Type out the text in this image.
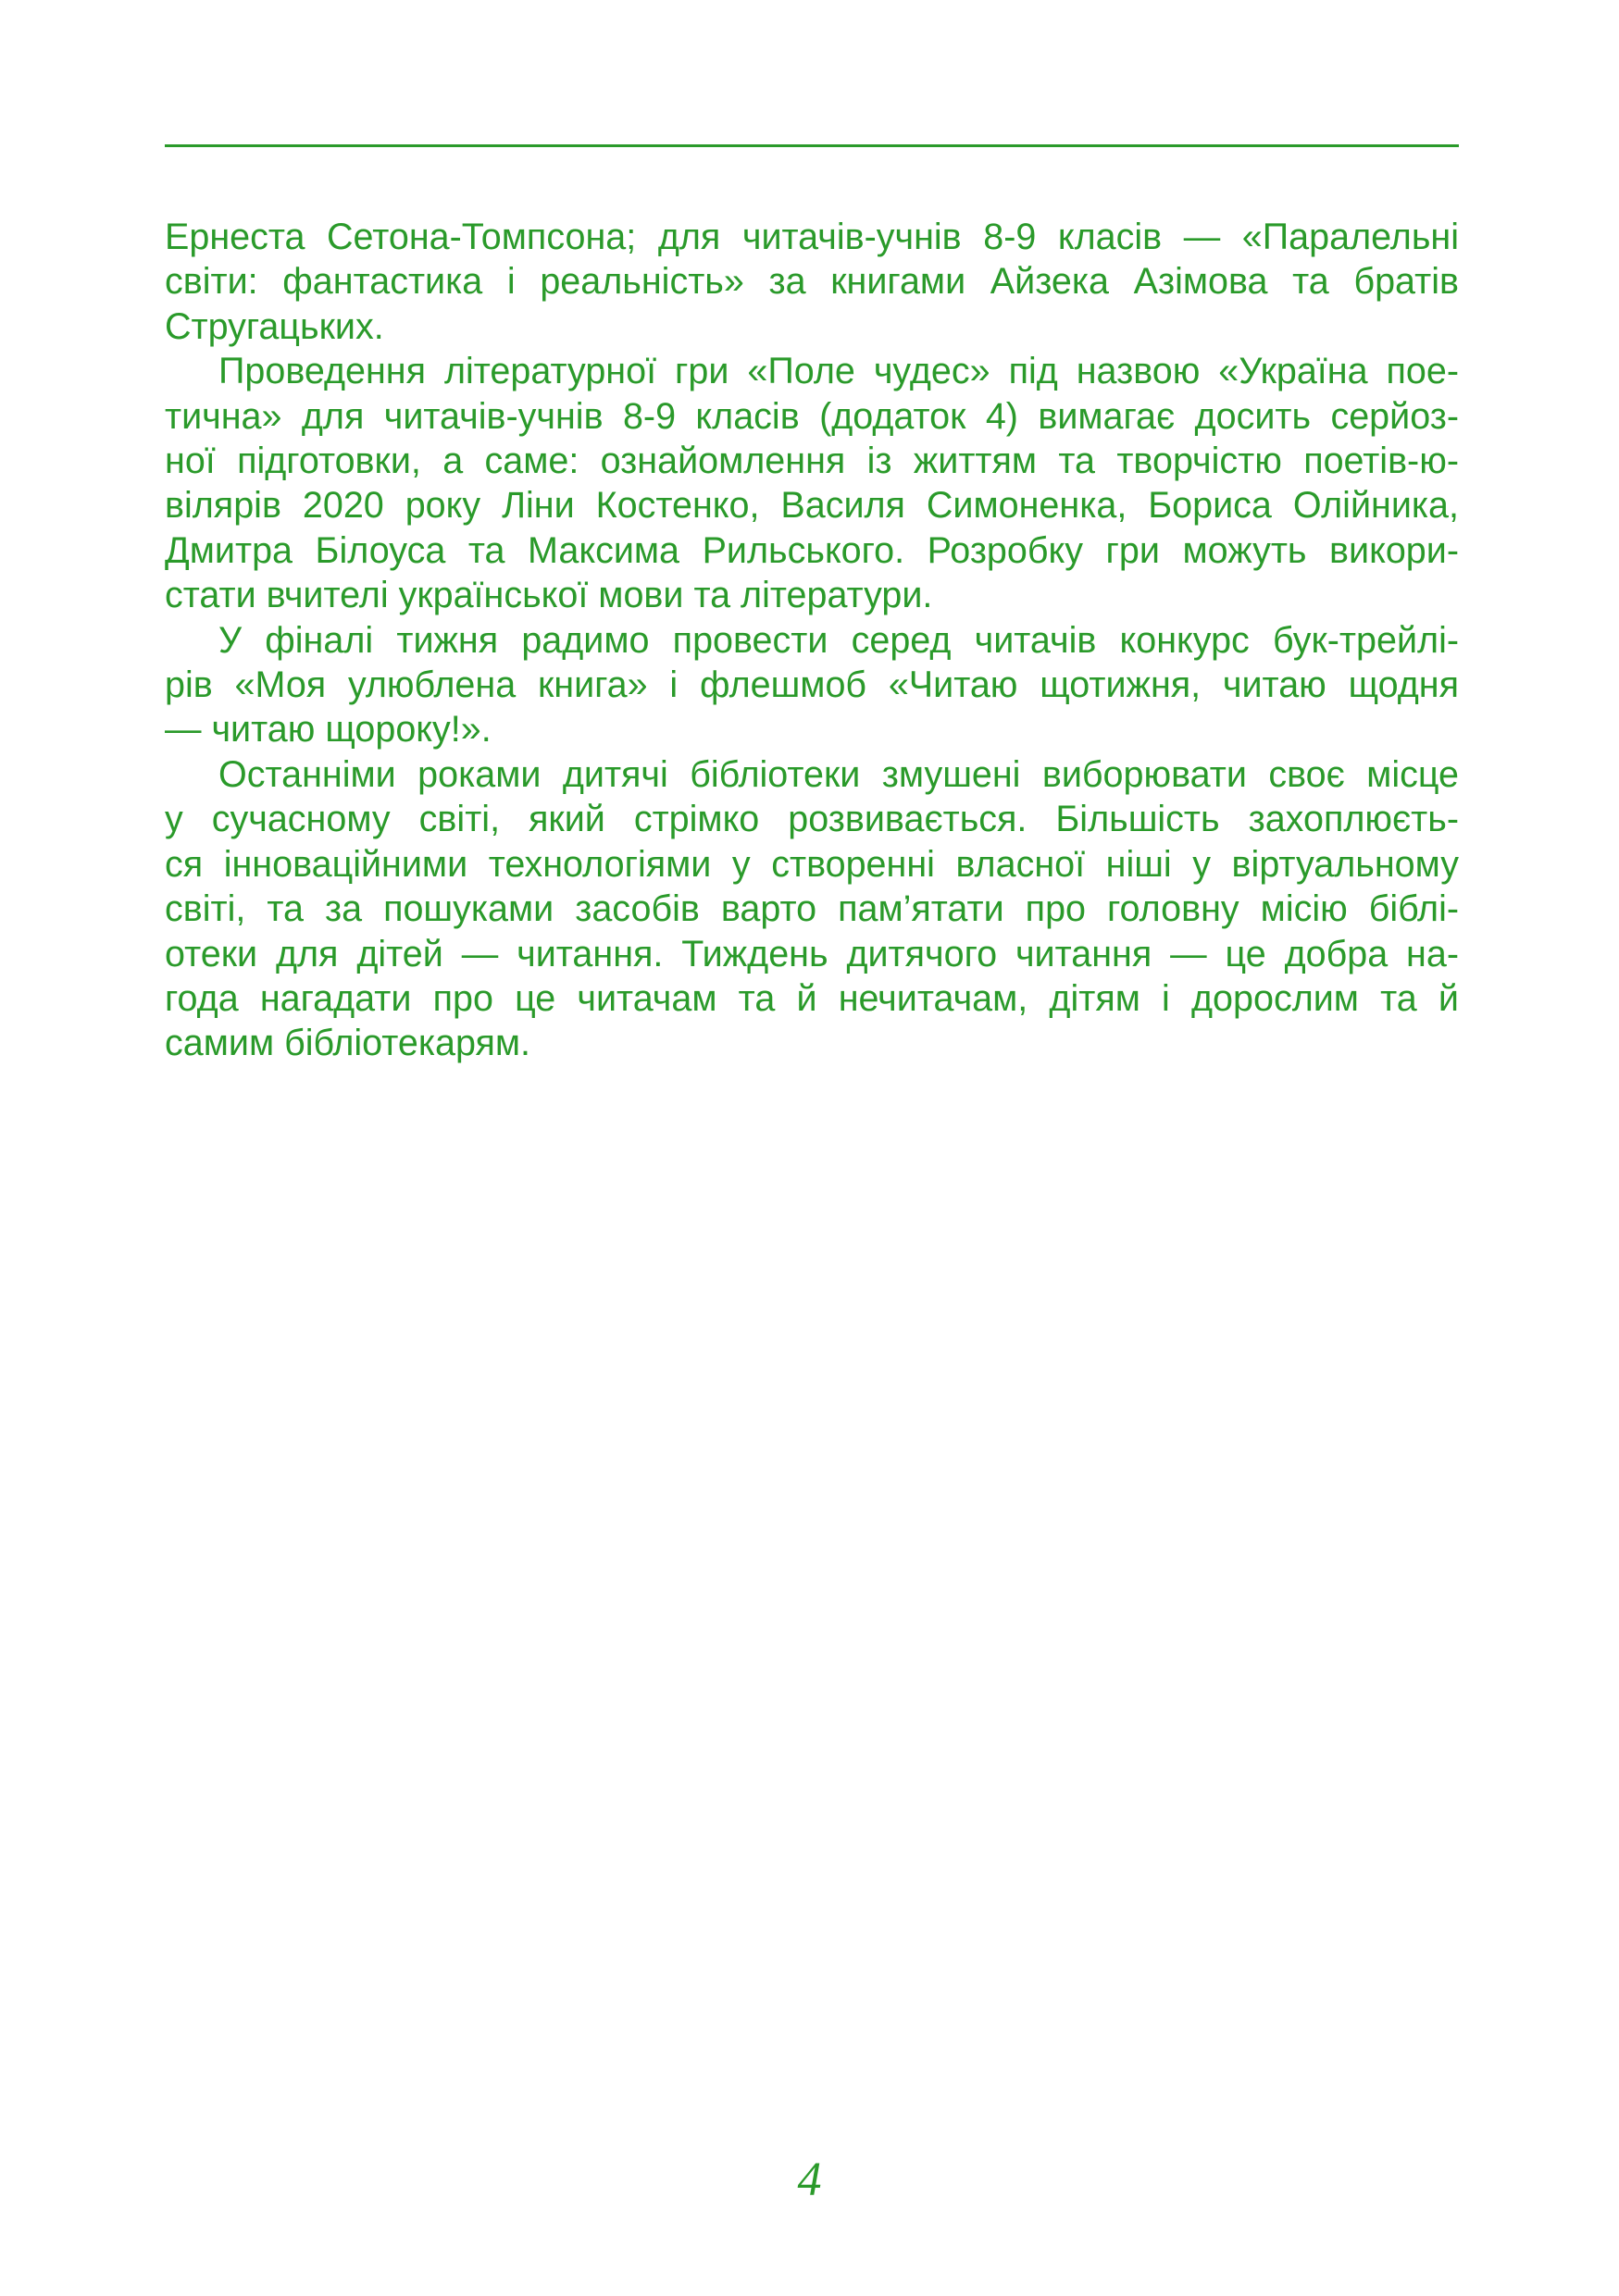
Ернеста Сетона-Томпсона; для читачів-учнів 8-9 класів — «Паралельні
світи: фантастика і реальність» за книгами Айзека Азімова та братів
Стругацьких.
Проведення літературної гри «Поле чудес» під назвою «Україна пое-
тична» для читачів-учнів 8-9 класів (додаток 4) вимагає досить серйоз-
ної підготовки, а саме: ознайомлення із життям та творчістю поетів-ю-
вілярів 2020 року Ліни Костенко, Василя Симоненка, Бориса Олійника,
Дмитра Білоуса та Максима Рильського. Розробку гри можуть викори-
стати вчителі української мови та літератури.
У фіналі тижня радимо провести серед читачів конкурс бук-трейлі-
рів «Моя улюблена книга» і флешмоб «Читаю щотижня, читаю щодня
— читаю щороку!».
Останніми роками дитячі бібліотеки змушені виборювати своє місце
у сучасному світі, який стрімко розвивається. Більшість захоплюєть-
ся інноваційними технологіями у створенні власної ніші у віртуальному
світі, та за пошуками засобів варто пам’ятати про головну місію біблі-
отеки для дітей — читання. Тиждень дитячого читання — це добра на-
года нагадати про це читачам та й нечитачам, дітям і дорослим та й
самим бібліотекарям.
4
